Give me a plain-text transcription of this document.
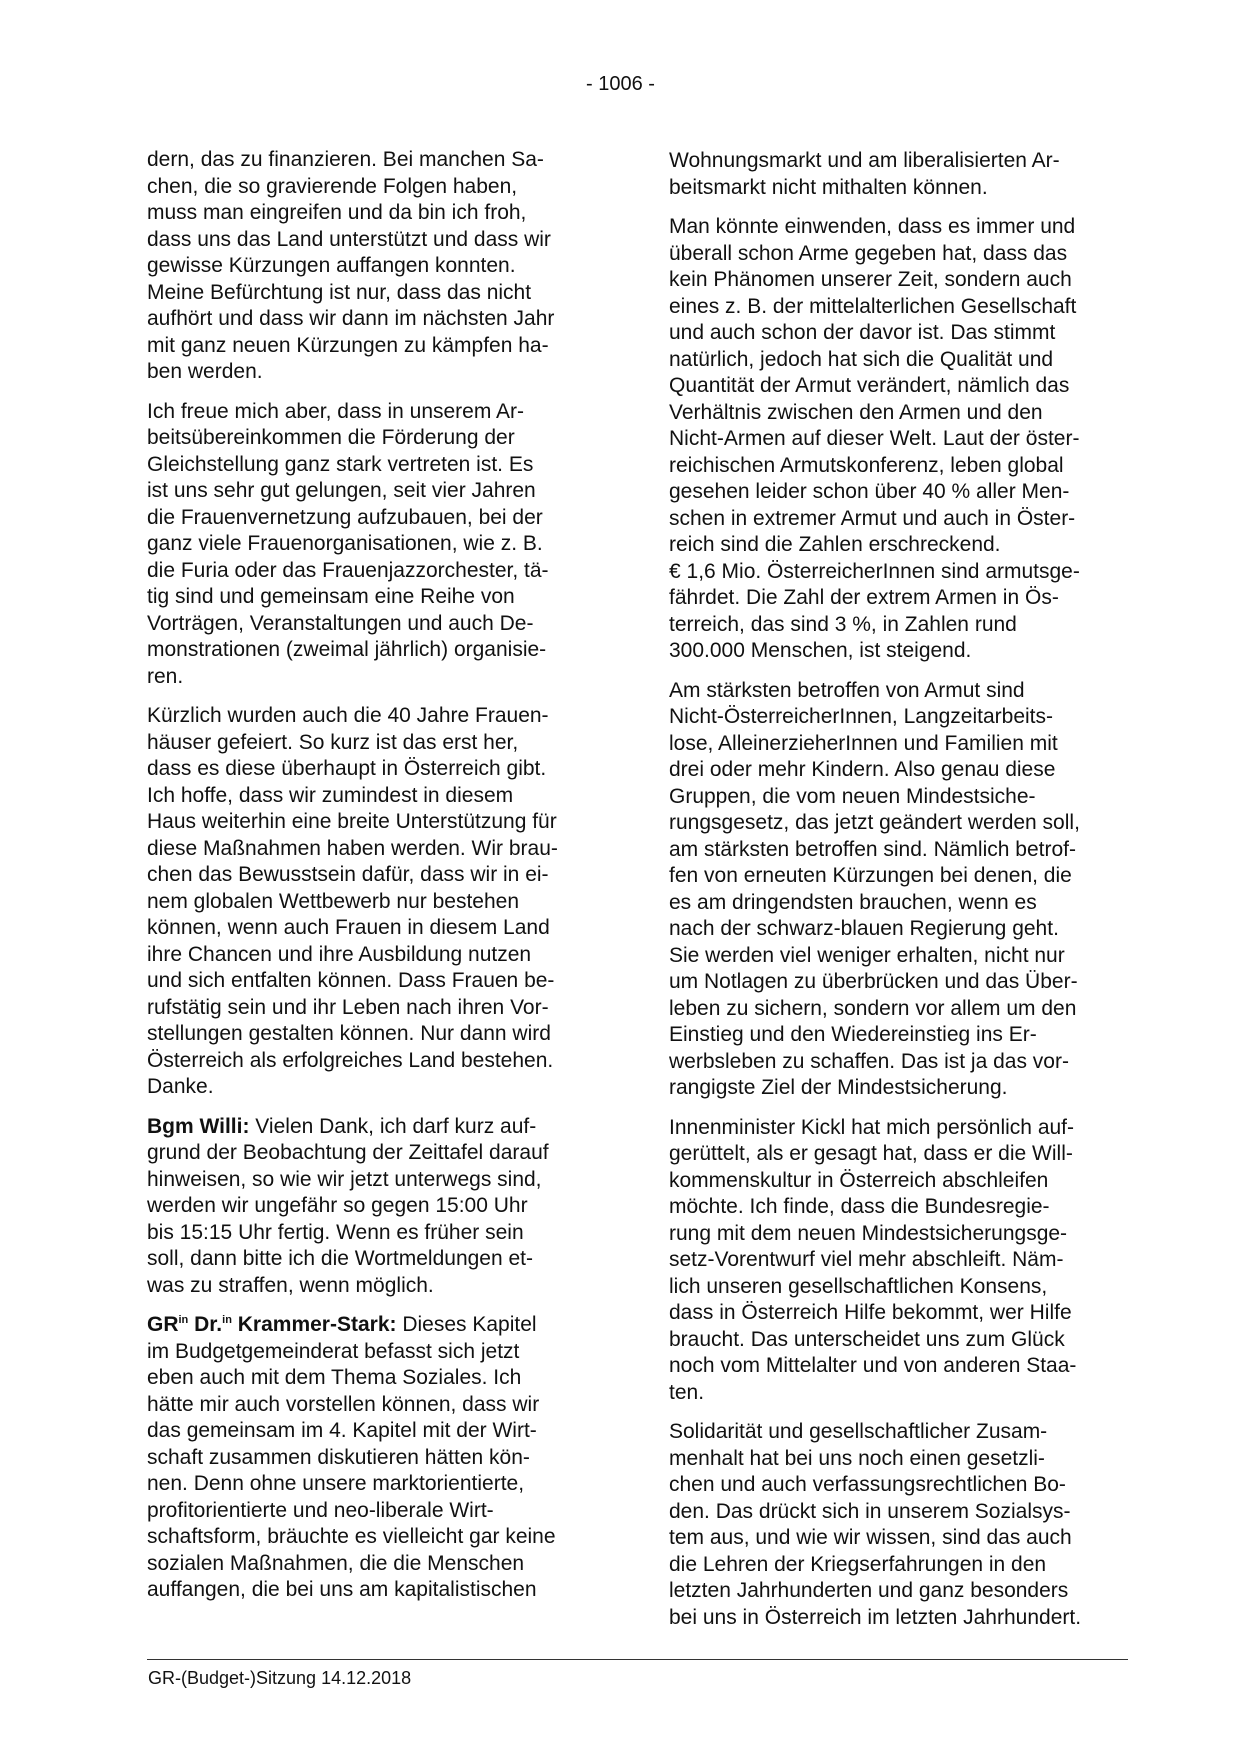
- 1006 -

dern, das zu finanzieren. Bei manchen Sa-
chen, die so gravierende Folgen haben,
muss man eingreifen und da bin ich froh,
dass uns das Land unterstützt und dass wir
gewisse Kürzungen auffangen konnten.
Meine Befürchtung ist nur, dass das nicht
aufhört und dass wir dann im nächsten Jahr
mit ganz neuen Kürzungen zu kämpfen ha-
ben werden.

Ich freue mich aber, dass in unserem Ar-
beitsübereinkommen die Förderung der
Gleichstellung ganz stark vertreten ist. Es
ist uns sehr gut gelungen, seit vier Jahren
die Frauenvernetzung aufzubauen, bei der
ganz viele Frauenorganisationen, wie z. B.
die Furia oder das Frauenjazzorchester, tä-
tig sind und gemeinsam eine Reihe von
Vorträgen, Veranstaltungen und auch De-
monstrationen (zweimal jährlich) organisie-
ren.

Kürzlich wurden auch die 40 Jahre Frauen-
häuser gefeiert. So kurz ist das erst her,
dass es diese überhaupt in Österreich gibt.
Ich hoffe, dass wir zumindest in diesem
Haus weiterhin eine breite Unterstützung für
diese Maßnahmen haben werden. Wir brau-
chen das Bewusstsein dafür, dass wir in ei-
nem globalen Wettbewerb nur bestehen
können, wenn auch Frauen in diesem Land
ihre Chancen und ihre Ausbildung nutzen
und sich entfalten können. Dass Frauen be-
rufstätig sein und ihr Leben nach ihren Vor-
stellungen gestalten können. Nur dann wird
Österreich als erfolgreiches Land bestehen.
Danke.

Bgm Willi: Vielen Dank, ich darf kurz auf-
grund der Beobachtung der Zeittafel darauf
hinweisen, so wie wir jetzt unterwegs sind,
werden wir ungefähr so gegen 15:00 Uhr
bis 15:15 Uhr fertig. Wenn es früher sein
soll, dann bitte ich die Wortmeldungen et-
was zu straffen, wenn möglich.

$GR^{in}$ Dr.$^{in}$ Krammer-Stark: Dieses Kapitel
im Budgetgemeinderat befasst sich jetzt
eben auch mit dem Thema Soziales. Ich
hätte mir auch vorstellen können, dass wir
das gemeinsam im 4. Kapitel mit der Wirt-
schaft zusammen diskutieren hätten kön-
nen. Denn ohne unsere marktorientierte,
profitorientierte und neo-liberale Wirt-
schaftsform, bräuchte es vielleicht gar keine
sozialen Maßnahmen, die die Menschen
auffangen, die bei uns am kapitalistischen

Wohnungsmarkt und am liberalisierten Ar-
beitsmarkt nicht mithalten können.

Man könnte einwenden, dass es immer und
überall schon Arme gegeben hat, dass das
kein Phänomen unserer Zeit, sondern auch
eines z. B. der mittelalterlichen Gesellschaft
und auch schon der davor ist. Das stimmt
natürlich, jedoch hat sich die Qualität und
Quantität der Armut verändert, nämlich das
Verhältnis zwischen den Armen und den
Nicht-Armen auf dieser Welt. Laut der öster-
reichischen Armutskonferenz, leben global
gesehen leider schon über 40 % aller Men-
schen in extremer Armut und auch in Öster-
reich sind die Zahlen erschreckend.
€ 1,6 Mio. ÖsterreicherInnen sind armutsge-
fährdet. Die Zahl der extrem Armen in Ös-
terreich, das sind 3 %, in Zahlen rund
300.000 Menschen, ist steigend.

Am stärksten betroffen von Armut sind
Nicht-ÖsterreicherInnen, Langzeitarbeits-
lose, AlleinerzieherInnen und Familien mit
drei oder mehr Kindern. Also genau diese
Gruppen, die vom neuen Mindestsiche-
rungsgesetz, das jetzt geändert werden soll,
am stärksten betroffen sind. Nämlich betrof-
fen von erneuten Kürzungen bei denen, die
es am dringendsten brauchen, wenn es
nach der schwarz-blauen Regierung geht.
Sie werden viel weniger erhalten, nicht nur
um Notlagen zu überbrücken und das Über-
leben zu sichern, sondern vor allem um den
Einstieg und den Wiedereinstieg ins Er-
werbsleben zu schaffen. Das ist ja das vor-
rangigste Ziel der Mindestsicherung.

Innenminister Kickl hat mich persönlich auf-
gerüttelt, als er gesagt hat, dass er die Will-
kommenskultur in Österreich abschleifen
möchte. Ich finde, dass die Bundesregie-
rung mit dem neuen Mindestsicherungsge-
setz-Vorentwurf viel mehr abschleift. Näm-
lich unseren gesellschaftlichen Konsens,
dass in Österreich Hilfe bekommt, wer Hilfe
braucht. Das unterscheidet uns zum Glück
noch vom Mittelalter und von anderen Staa-
ten.

Solidarität und gesellschaftlicher Zusam-
menhalt hat bei uns noch einen gesetzli-
chen und auch verfassungsrechtlichen Bo-
den. Das drückt sich in unserem Sozialsys-
tem aus, und wie wir wissen, sind das auch
die Lehren der Kriegserfahrungen in den
letzten Jahrhunderten und ganz besonders
bei uns in Österreich im letzten Jahrhundert.

GR-(Budget-)Sitzung 14.12.2018
